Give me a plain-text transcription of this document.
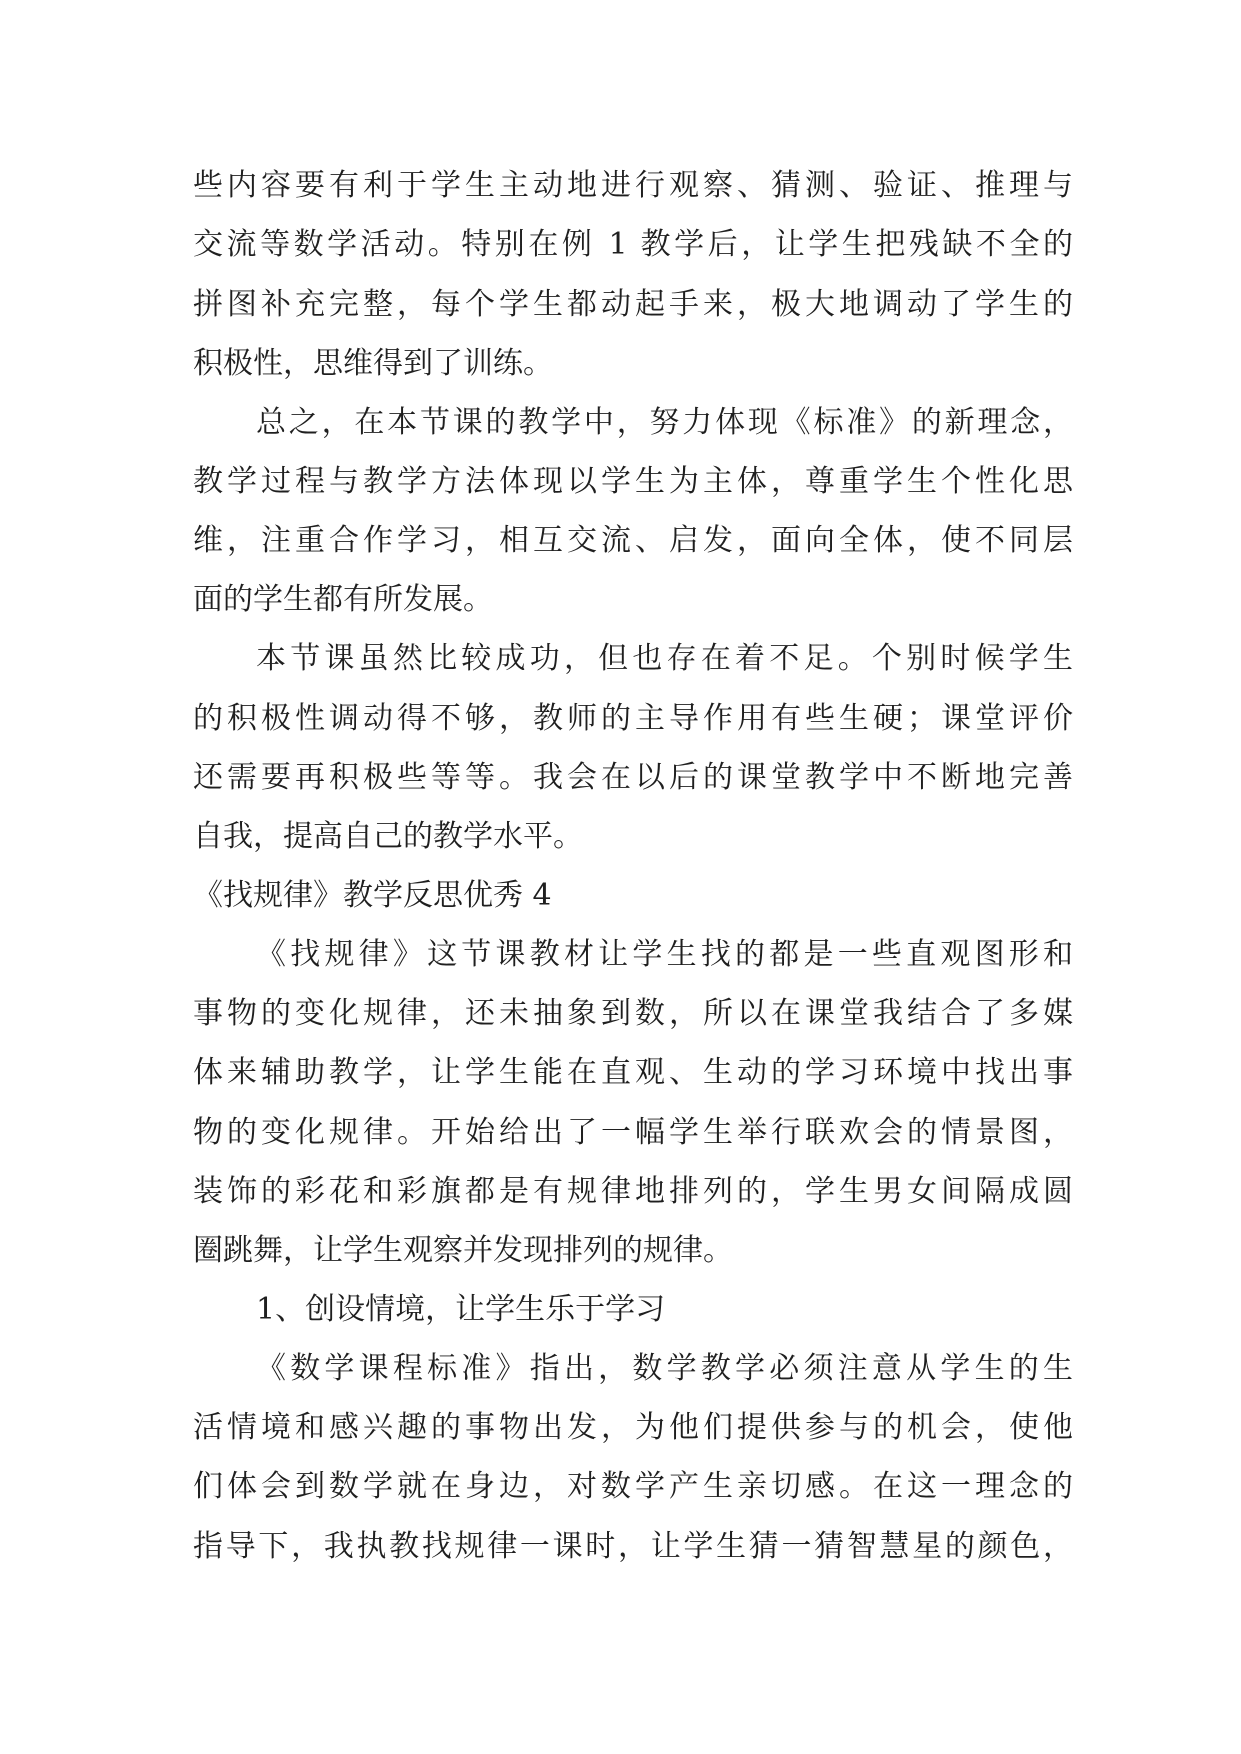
些内容要有利于学生主动地进行观察、猜测、验证、推理与
交流等数学活动。特别在例 1 教学后，让学生把残缺不全的
拼图补充完整，每个学生都动起手来，极大地调动了学生的
积极性，思维得到了训练。
总之，在本节课的教学中，努力体现《标准》的新理念，
教学过程与教学方法体现以学生为主体，尊重学生个性化思
维，注重合作学习，相互交流、启发，面向全体，使不同层
面的学生都有所发展。
本节课虽然比较成功，但也存在着不足。个别时候学生
的积极性调动得不够，教师的主导作用有些生硬；课堂评价
还需要再积极些等等。我会在以后的课堂教学中不断地完善
自我，提高自己的教学水平。
《找规律》教学反思优秀 4
《找规律》这节课教材让学生找的都是一些直观图形和
事物的变化规律，还未抽象到数，所以在课堂我结合了多媒
体来辅助教学，让学生能在直观、生动的学习环境中找出事
物的变化规律。开始给出了一幅学生举行联欢会的情景图，
装饰的彩花和彩旗都是有规律地排列的，学生男女间隔成圆
圈跳舞，让学生观察并发现排列的规律。
1、创设情境，让学生乐于学习
《数学课程标准》指出，数学教学必须注意从学生的生
活情境和感兴趣的事物出发，为他们提供参与的机会，使他
们体会到数学就在身边，对数学产生亲切感。在这一理念的
指导下，我执教找规律一课时，让学生猜一猜智慧星的颜色，
